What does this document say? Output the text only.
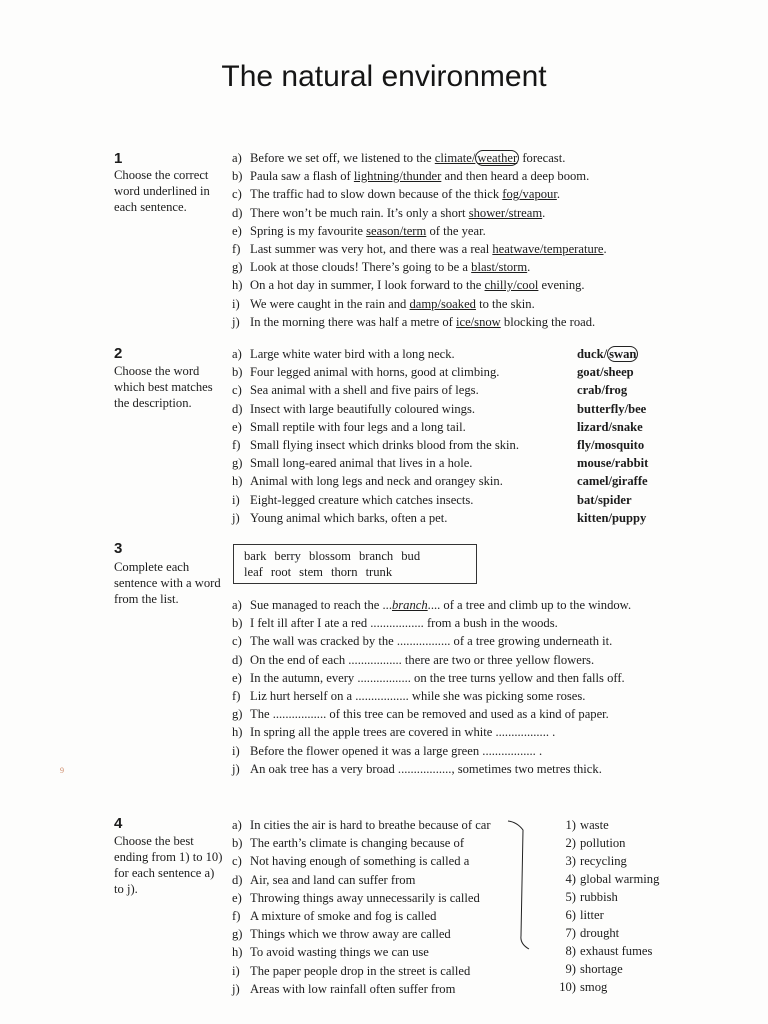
The natural environment
1
Choose the correct word underlined in each sentence.
a) Before we set off, we listened to the climate/ weather forecast.
b) Paula saw a flash of lightning/thunder and then heard a deep boom.
c) The traffic had to slow down because of the thick fog/vapour.
d) There won’t be much rain. It’s only a short shower/stream.
e) Spring is my favourite season/term of the year.
f) Last summer was very hot, and there was a real heatwave/temperature.
g) Look at those clouds! There’s going to be a blast/storm.
h) On a hot day in summer, I look forward to the chilly/cool evening.
i) We were caught in the rain and damp/soaked to the skin.
j) In the morning there was half a metre of ice/snow blocking the road.
2
Choose the word which best matches the description.
a) Large white water bird with a long neck.
b) Four legged animal with horns, good at climbing.
c) Sea animal with a shell and five pairs of legs.
d) Insect with large beautifully coloured wings.
e) Small reptile with four legs and a long tail.
f) Small flying insect which drinks blood from the skin.
g) Small long-eared animal that lives in a hole.
h) Animal with long legs and neck and orangey skin.
i) Eight-legged creature which catches insects.
j) Young animal which barks, often a pet.
duck/ swan
goat/sheep
crab/frog
butterfly/bee
lizard/snake
fly/mosquito
mouse/rabbit
camel/giraffe
bat/spider
kitten/puppy
3
Complete each sentence with a word from the list.
bark berry blossom branch bud
leaf root stem thorn trunk
a) Sue managed to reach the ...branch.... of a tree and climb up to the window.
b) I felt ill after I ate a red ................. from a bush in the woods.
c) The wall was cracked by the ................. of a tree growing underneath it.
d) On the end of each ................. there are two or three yellow flowers.
e) In the autumn, every ................. on the tree turns yellow and then falls off.
f) Liz hurt herself on a ................. while she was picking some roses.
g) The ................. of this tree can be removed and used as a kind of paper.
h) In spring all the apple trees are covered in white ................. .
i) Before the flower opened it was a large green ................. .
j) An oak tree has a very broad ................., sometimes two metres thick.
4
Choose the best ending from 1) to 10) for each sentence a) to j).
a) In cities the air is hard to breathe because of car
b) The earth’s climate is changing because of
c) Not having enough of something is called a
d) Air, sea and land can suffer from
e) Throwing things away unnecessarily is called
f) A mixture of smoke and fog is called
g) Things which we throw away are called
h) To avoid wasting things we can use
i) The paper people drop in the street is called
j) Areas with low rainfall often suffer from
1) waste
2) pollution
3) recycling
4) global warming
5) rubbish
6) litter
7) drought
8) exhaust fumes
9) shortage
10) smog
9
